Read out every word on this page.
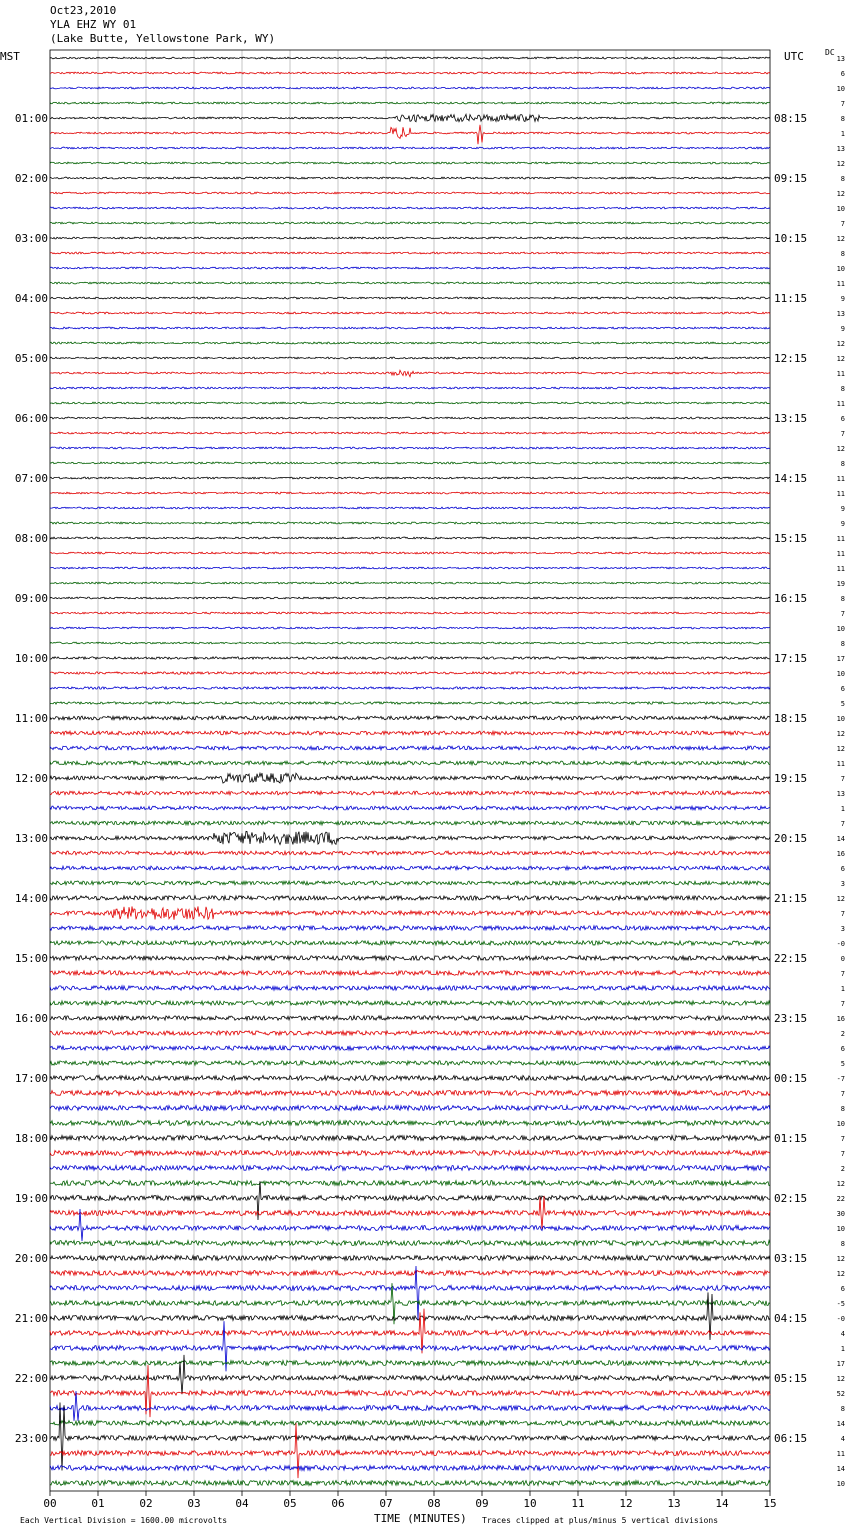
Oct23,2010
YLA EHZ WY 01
(Lake Butte, Yellowstone Park, WY)
MST	UTC	DC
13
6
10
7
8
1
13
12
8
12
10
7
12
8
10
11
9
13
9
12
12
11
8
11
6
7
12
8
11
11
9
9
11
11
11
19
8
7
10
8
17
10
6
5
10
12
12
11
7
13
1
7
14
16
6
3
12
7
3
-0
0
7
1
7
16
2
6
5
-7
7
8
10
7
7
2
12
22
30
10
8
12
12
6
-5
-0
4
1
17
12
52
8
14
4
11
14
10
01:00
02:00
03:00
04:00
05:00
06:00
07:00
08:00
09:00
10:00
11:00
12:00
13:00
14:00
15:00
16:00
17:00
18:00
19:00
20:00
21:00
22:00
23:00
08:15
09:15
10:15
11:15
12:15
13:15
14:15
15:15
16:15
17:15
18:15
19:15
20:15
21:15
22:15
23:15
00:15
01:15
02:15
03:15
04:15
05:15
06:15
00	01	02	03	04	05	06	07	08	09	10	11	12	13	14	15
Each Vertical Division = 1600.00 microvolts	TIME (MINUTES) Traces clipped at plus/minus 5 vertical divisions
